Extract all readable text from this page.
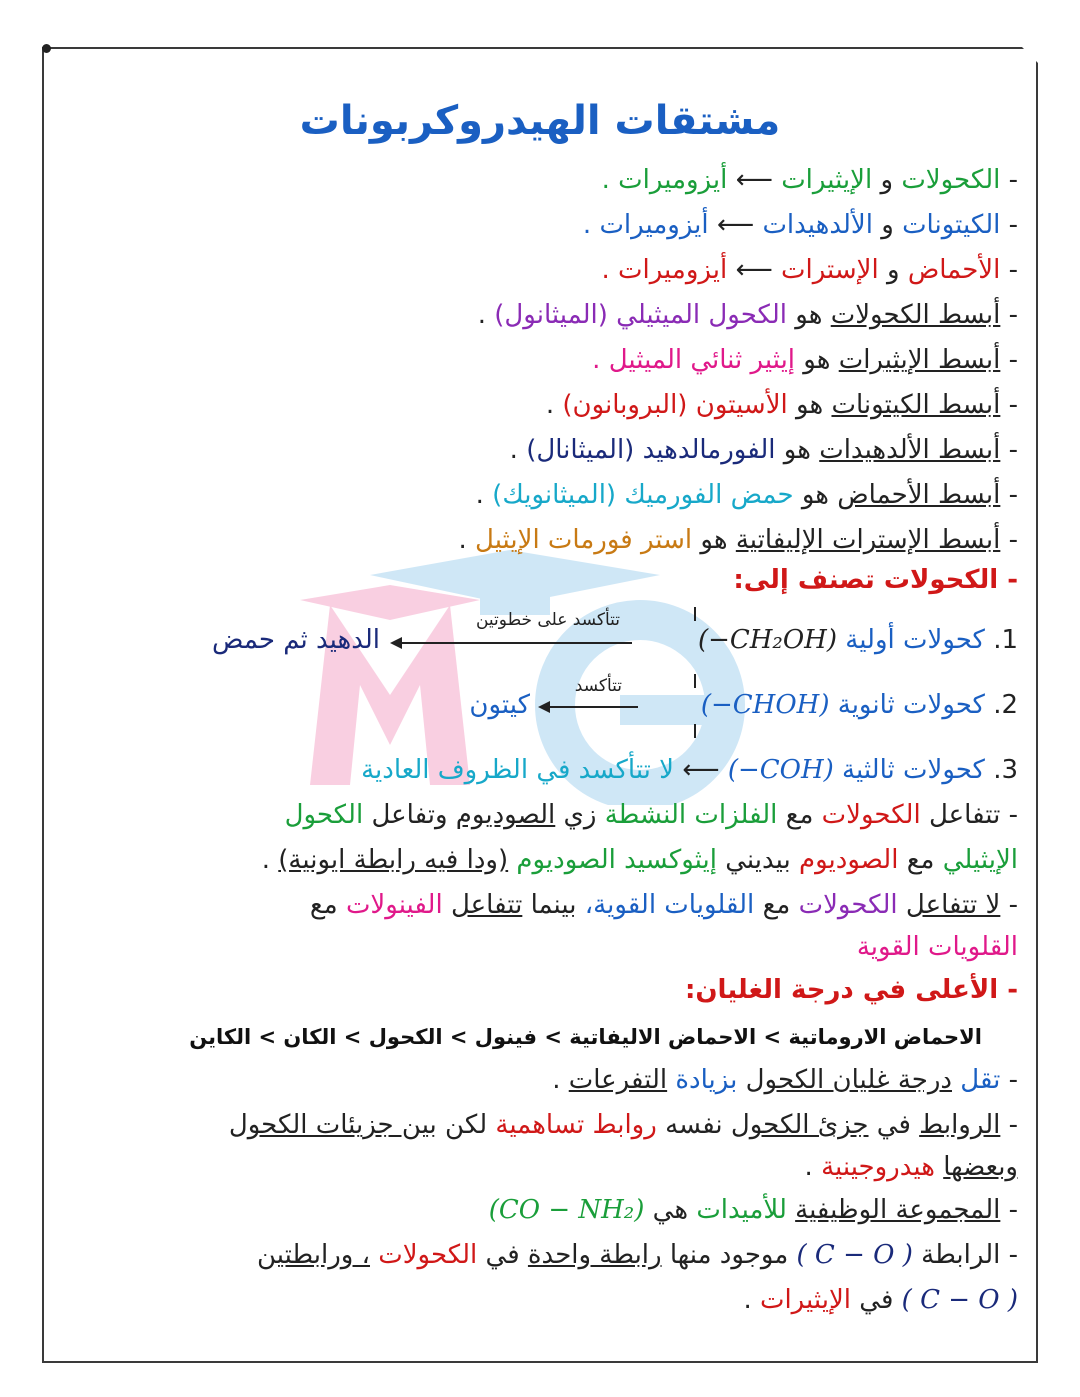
مشتقات الهيدروكربونات
- الكحولات و الإيثيرات ⟵ أيزوميرات .
- الكيتونات و الألدهيدات ⟵ أيزوميرات .
- الأحماض و الإسترات ⟵ أيزوميرات .
- أبسط الكحولات هو الكحول الميثيلي (الميثانول) .
- أبسط الإيثيرات هو إيثير ثنائي الميثيل .
- أبسط الكيتونات هو الأسيتون (البروبانون) .
- أبسط الألدهيدات هو الفورمالدهيد (الميثانال) .
- أبسط الأحماض هو حمض الفورميك (الميثانويك) .
- أبسط الإسترات الإليفاتية هو استر فورمات الإيثيل .
- الكحولات تصنف إلى:
تتأكسد على خطوتين
1. كحولات أولية (−CH₂OH)
الدهيد ثم حمض
تتأكسد
2. كحولات ثانوية (−CHOH)
كيتون
3. كحولات ثالثية (−COH) ⟵ لا تتأكسد في الظروف العادية
- تتفاعل الكحولات مع الفلزات النشطة زي الصوديوم وتفاعل الكحول
الإيثيلي مع الصوديوم بيديني إيثوكسيد الصوديوم (ودا فيه رابطة ايونية) .
- لا تتفاعل الكحولات مع القلويات القوية، بينما تتفاعل الفينولات مع
القلويات القوية
- الأعلى في درجة الغليان:
الاحماض الاروماتية > الاحماض الاليفاتية > فينول > الكحول > الكان > الكاين
- تقل درجة غليان الكحول بزيادة التفرعات .
- الروابط في جزئ الكحول نفسه روابط تساهمية لكن بين جزيئات الكحول
وبعضها هيدروجينية .
- المجموعة الوظيفية للأميدات هي (CO − NH₂)
- الرابطة ( C − O ) موجود منها رابطة واحدة في الكحولات ، ورابطتين
( C − O ) في الإيثيرات .
